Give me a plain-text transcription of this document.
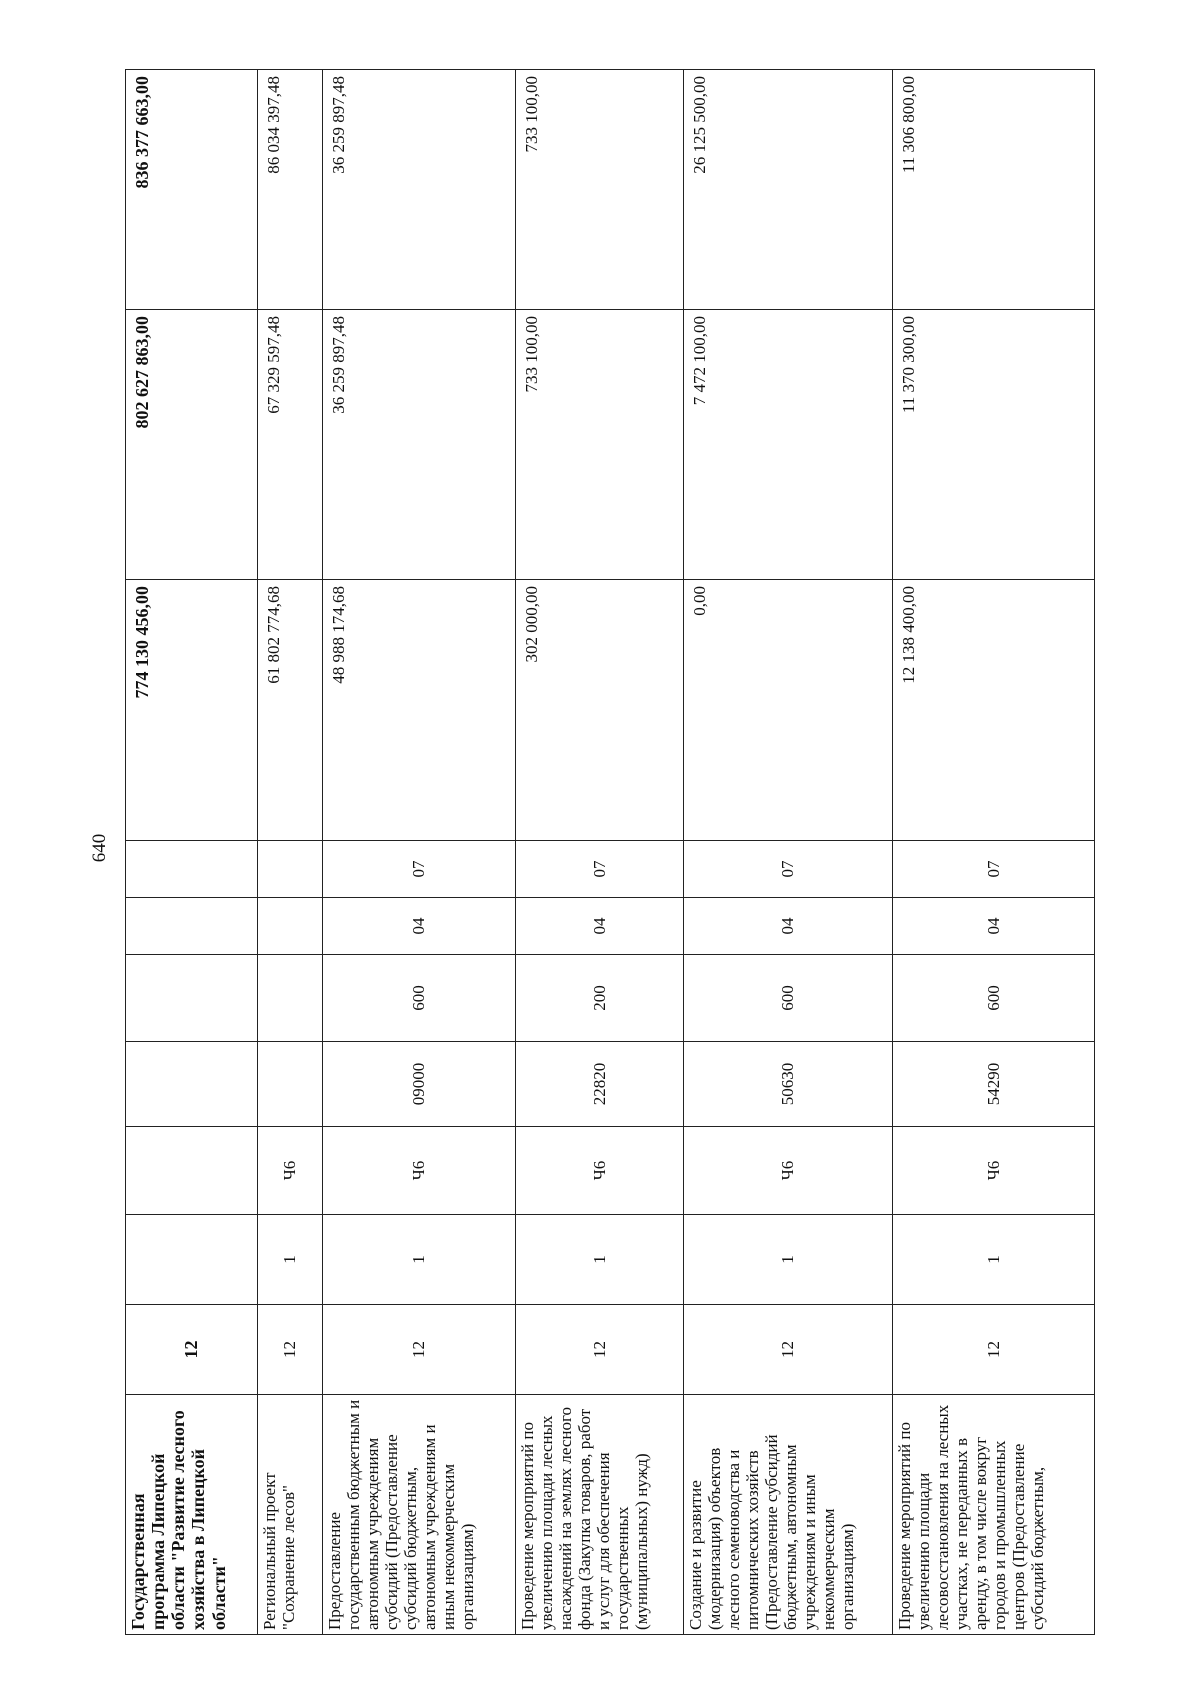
640
Государственная программа Липецкой области "Развитие лесного хозяйства в Липецкой области"	12							774 130 456,00	802 627 863,00	836 377 663,00
Региональный проект "Сохранение лесов"	12	1	Ч6					61 802 774,68	67 329 597,48	86 034 397,48
Предоставление государственным бюджетным и автономным учреждениям субсидий (Предоставление субсидий бюджетным, автономным учреждениям и иным некоммерческим организациям)	12	1	Ч6	09000	600	04	07	48 988 174,68	36 259 897,48	36 259 897,48
Проведение мероприятий по увеличению площади лесных насаждений на землях лесного фонда (Закупка товаров, работ и услуг для обеспечения государственных (муниципальных) нужд)	12	1	Ч6	22820	200	04	07	302 000,00	733 100,00	733 100,00
Создание и развитие (модернизация) объектов лесного семеноводства и питомнических хозяйств (Предоставление субсидий бюджетным, автономным учреждениям и иным некоммерческим организациям)	12	1	Ч6	50630	600	04	07	0,00	7 472 100,00	26 125 500,00
Проведение мероприятий по увеличению площади лесовосстановления на лесных участках, не переданных в аренду, в том числе вокруг городов и промышленных центров (Предоставление субсидий бюджетным,	12	1	Ч6	54290	600	04	07	12 138 400,00	11 370 300,00	11 306 800,00
